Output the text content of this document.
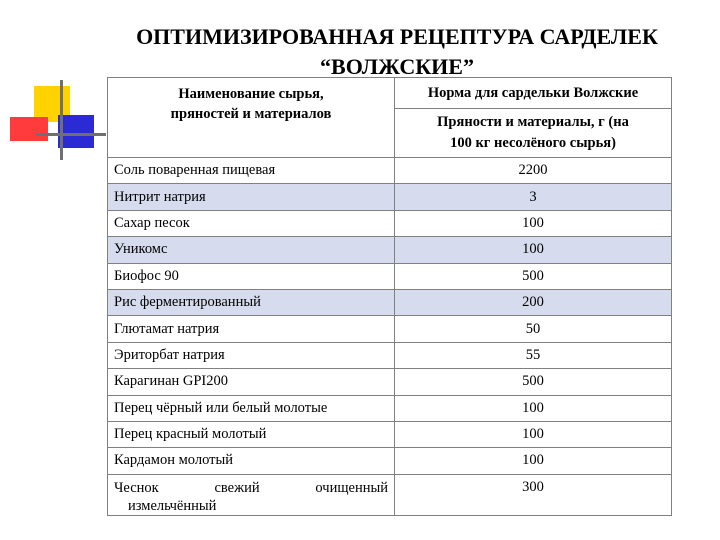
ОПТИМИЗИРОВАННАЯ РЕЦЕПТУРА САРДЕЛЕК
“ВОЛЖСКИЕ”
Наименование сырья,
пряностей и материалов	Норма для сардельки Волжские

	Пряности и материалы, г (на
100 кг несолёного сырья)

Соль поваренная пищевая	2200
Нитрит натрия	3
Сахар песок	100
Уникомс	100
Биофос 90	500
Рис ферментированный	200
Глютамат натрия	50
Эриторбат натрия	55
Карагинан GPI200	500
Перец чёрный или белый молотые	100
Перец красный молотый	100
Кардамон молотый	100

Чеснок свежий очищенный
измельчённый	300
